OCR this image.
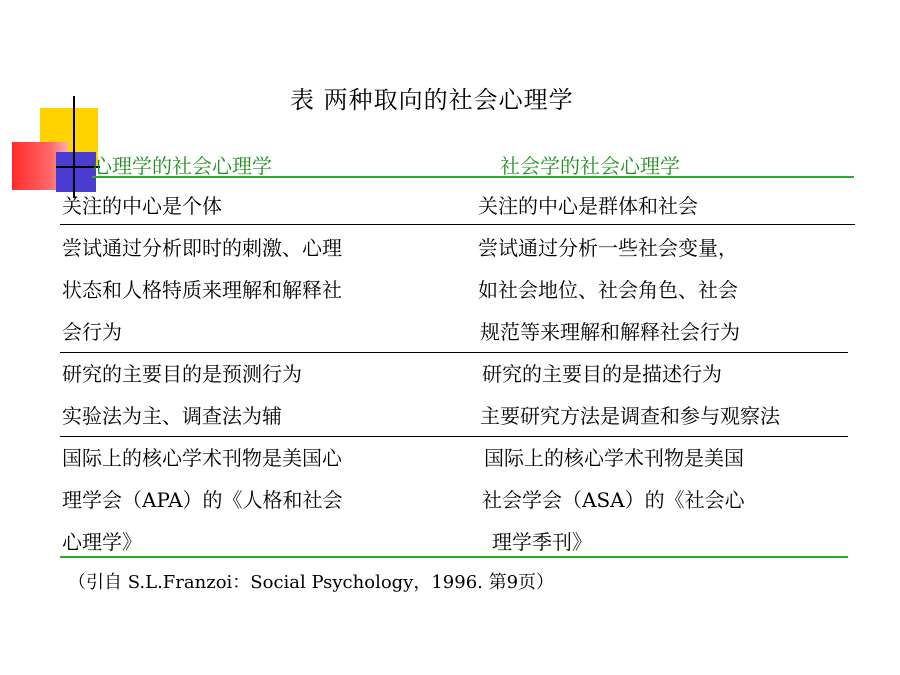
表 两种取向的社会心理学
心理学的社会心理学	社会学的社会心理学
关注的中心是个体	关注的中心是群体和社会
尝试通过分析即时的刺激、心理
状态和人格特质来理解和解释社
会行为
尝试通过分析一些社会变量，
如社会地位、社会角色、社会
规范等来理解和解释社会行为
研究的主要目的是预测行为
实验法为主、调查法为辅
研究的主要目的是描述行为
主要研究方法是调查和参与观察法
国际上的核心学术刊物是美国心
理学会（APA）的《人格和社会
心理学》
国际上的核心学术刊物是美国
社会学会（ASA）的《社会心
理学季刊》
（引自 S.L.Franzoi：Social Psychology，1996. 第9页）
